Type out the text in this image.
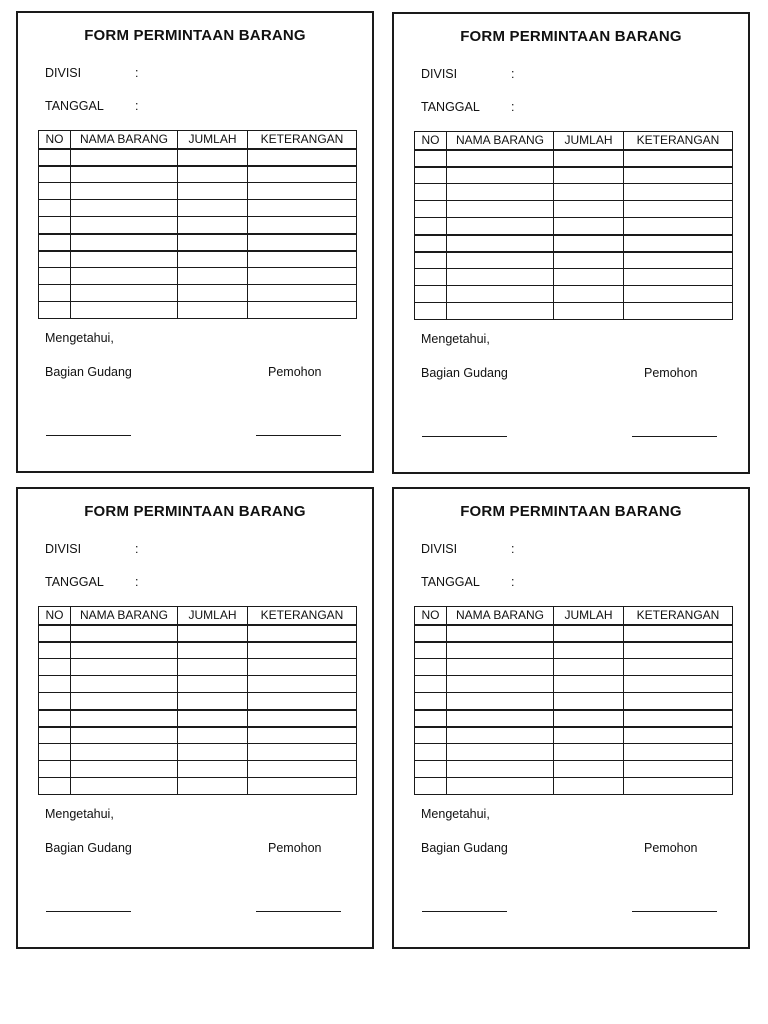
FORM PERMINTAAN BARANG
DIVISI	:
TANGGAL :
NO	NAMA BARANG	JUMLAH	KETERANGAN

Mengetahui,
Bagian Gudang	Pemohon
FORM PERMINTAAN BARANG
DIVISI	:
TANGGAL :
NO	NAMA BARANG	JUMLAH	KETERANGAN

Mengetahui,
Bagian Gudang	Pemohon
FORM PERMINTAAN BARANG
DIVISI	:
TANGGAL :
NO	NAMA BARANG	JUMLAH	KETERANGAN

Mengetahui,
Bagian Gudang	Pemohon
FORM PERMINTAAN BARANG
DIVISI	:
TANGGAL :
NO	NAMA BARANG	JUMLAH	KETERANGAN

Mengetahui,
Bagian Gudang	Pemohon
